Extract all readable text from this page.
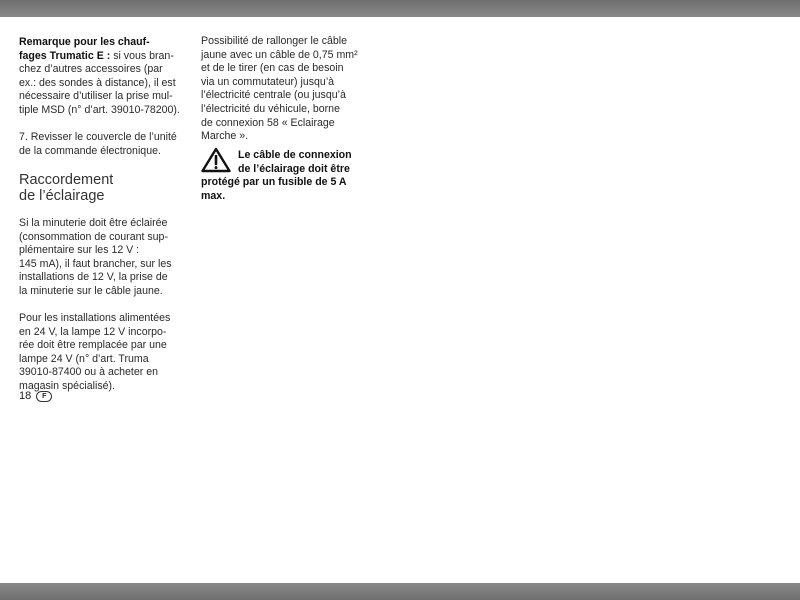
Remarque pour les chauf-

fages Trumatic E : si vous bran-

chez d’autres accessoires (par

ex.: des sondes à distance), il est

nécessaire d’utiliser la prise mul-

tiple MSD (n° d’art. 39010-78200).

7. Revisser le couvercle de l’unité

de la commande électronique.

Raccordement

de l’éclairage

Si la minuterie doit être éclairée

(consommation de courant sup-

plémentaire sur les 12 V :

145 mA), il faut brancher, sur les

installations de 12 V, la prise de

la minuterie sur le câble jaune.

Pour les installations alimentées

en 24 V, la lampe 12 V incorpo-

rée doit être remplacée par une

lampe 24 V (n° d’art. Truma

39010-87400 ou à acheter en

magasin spécialisé).

18	F

Possibilité de rallonger le câble

jaune avec un câble de 0,75 mm²

et de le tirer (en cas de besoin

via un commutateur) jusqu’à

l’électricité centrale (ou jusqu’à

l’électricité du véhicule, borne

de connexion 58 « Eclairage

Marche ».

Le câble de connexion

de l’éclairage doit être

protégé par un fusible de 5 A

max.
